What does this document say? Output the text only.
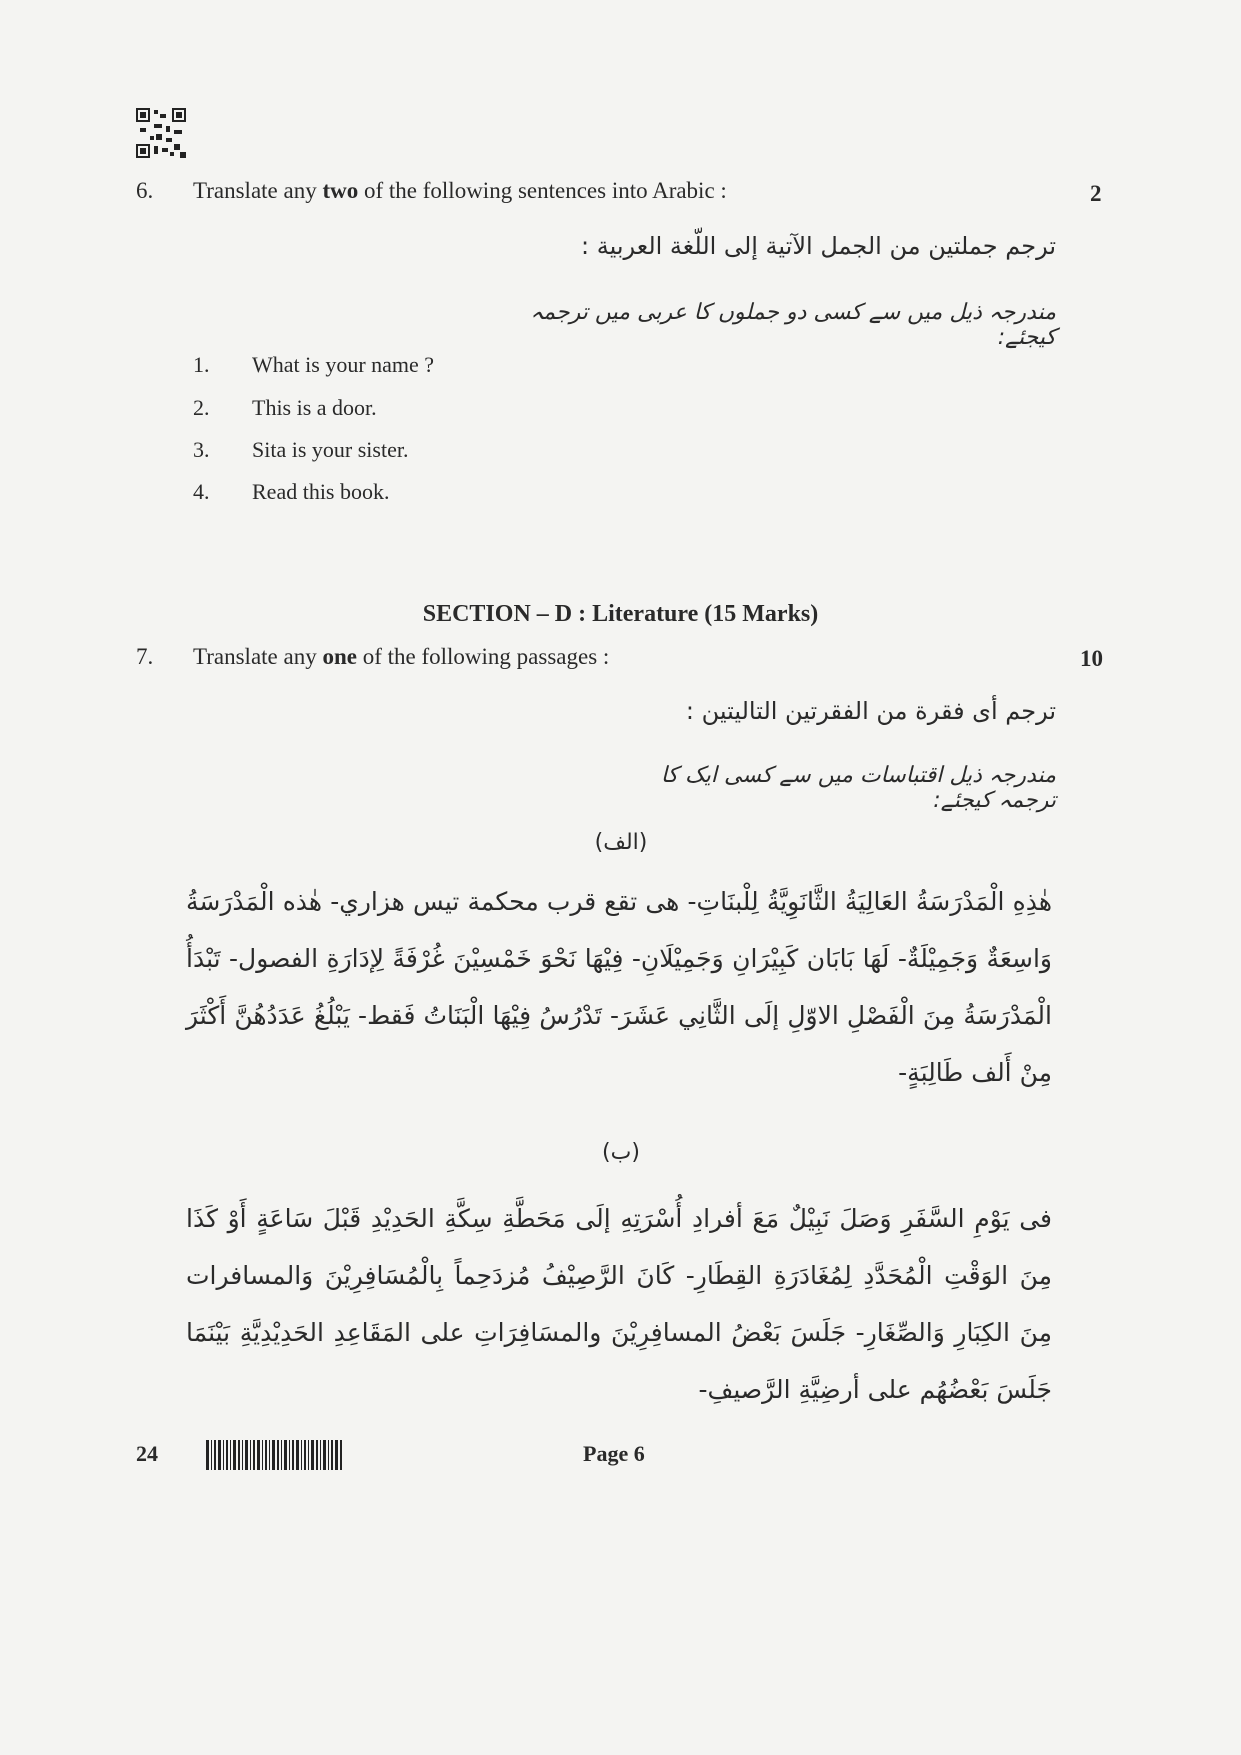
6. Translate any two of the following sentences into Arabic :	2
ترجم جملتين من الجمل الآتية إلى اللّغة العربية :
مندرجہ ذیل میں سے کسی دو جملوں کا عربی میں ترجمہ کیجئے:
1. What is your name ?
2. This is a door.
3. Sita is your sister.
4. Read this book.
SECTION – D : Literature (15 Marks)
7. Translate any one of the following passages :	10
ترجم أى فقرة من الفقرتين التاليتين :
مندرجہ ذیل اقتباسات میں سے کسی ایک کا ترجمہ کیجئے:
(الف)
هٰذِهِ الْمَدْرَسَةُ العَالِيَةُ الثَّانَوِيَّةُ لِلْبنَاتِ- هى تقع قرب محكمة تيس هزاري- هٰذه الْمَدْرَسَةُ وَاسِعَةٌ وَجَمِيْلَةٌ- لَهَا بَابَان كَبِيْرَانِ وَجَمِيْلَانِ- فِيْهَا نَحْوَ خَمْسِيْنَ غُرْفَةً لِإدَارَةِ الفصول- تَبْدَأُ الْمَدْرَسَةُ مِنَ الْفَصْلِ الاوّلِ إلَى الثَّانِي عَشَرَ- تَدْرُسُ فِيْهَا الْبَنَاتُ فَقط- يَبْلُغُ عَدَدُهُنَّ أَكْثَرَ مِنْ أَلف طَالِبَةٍ-
(ب)
فى يَوْمِ السَّفَرِ وَصَلَ نَبِيْلٌ مَعَ أفرادِ أُسْرَتِهِ إلَى مَحَطَّةِ سِكَّةِ الحَدِيْدِ قَبْلَ سَاعَةٍ أَوْ كَذَا مِنَ الوَقْتِ الْمُحَدَّدِ لِمُغَادَرَةِ القِطَارِ- كَانَ الرَّصِيْفُ مُزدَحِماً بِالْمُسَافِرِيْنَ وَالمسافرات مِنَ الكِبَارِ وَالصِّغَارِ- جَلَسَ بَعْضُ المسافِرِيْنَ والمسَافِرَاتِ على المَقَاعِدِ الحَدِيْدِيَّةِ بَيْنَمَا جَلَسَ بَعْضُهُم على أرضِيَّةِ الرَّصيفِ-
24	Page 6
